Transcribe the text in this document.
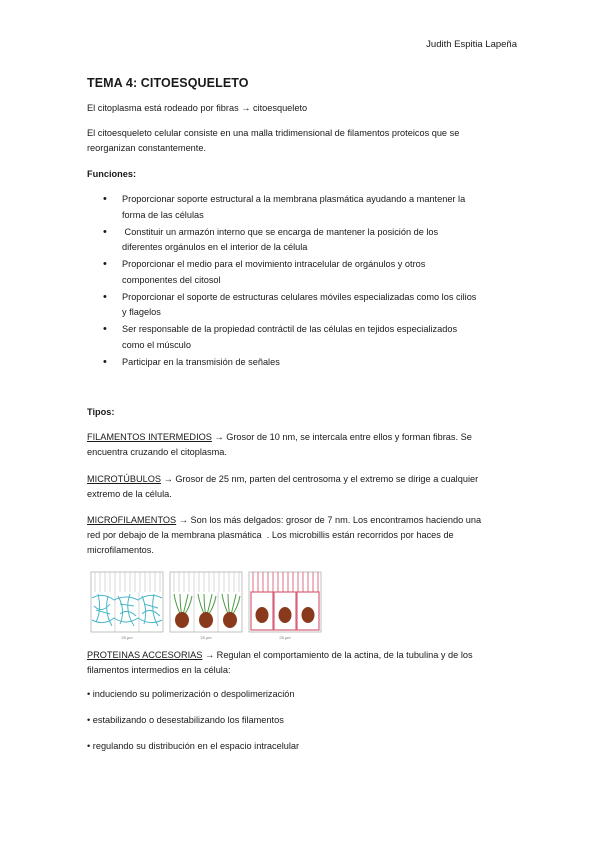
Judith Espitia Lapeña
TEMA 4: CITOESQUELETO
El citoplasma está rodeado por fibras → citoesqueleto
El citoesqueleto celular consiste en una malla tridimensional de filamentos proteicos que se
reorganizan constantemente.
Funciones:
• Proporcionar soporte estructural a la membrana plasmática ayudando a mantener la
forma de las células
• Constituir un armazón interno que se encarga de mantener la posición de los
diferentes orgánulos en el interior de la célula
• Proporcionar el medio para el movimiento intracelular de orgánulos y otros
componentes del citosol
• Proporcionar el soporte de estructuras celulares móviles especializadas como los cilios
y flagelos
• Ser responsable de la propiedad contráctil de las células en tejidos especializados
como el músculo
• Participar en la transmisión de señales
Tipos:
FILAMENTOS INTERMEDIOS → Grosor de 10 nm, se intercala entre ellos y forman fibras. Se
encuentra cruzando el citoplasma.
MICROTÚBULOS → Grosor de 25 nm, parten del centrosoma y el extremo se dirige a cualquier
extremo de la célula.
MICROFILAMENTOS → Son los más delgados: grosor de 7 nm. Los encontramos haciendo una
red por debajo de la membrana plasmática  . Los microbillis están recorridos por haces de
microfilamentos.
25 µm	25 µm	25 µm
PROTEINAS ACCESORIAS → Regulan el comportamiento de la actina, de la tubulina y de los
filamentos intermedios en la célula:
• induciendo su polimerización o despolimerización
• estabilizando o desestabilizando los filamentos
• regulando su distribución en el espacio intracelular
